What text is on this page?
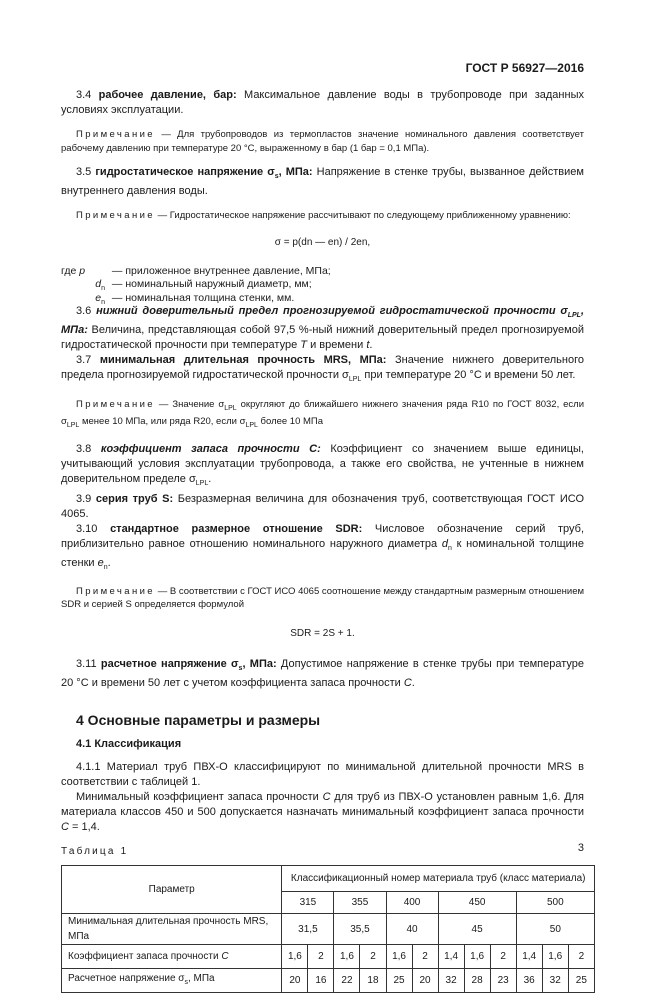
ГОСТ Р 56927—2016

3.4 рабочее давление, бар: Максимальное давление воды в трубопроводе при заданных условиях эксплуатации.

Примечание — Для трубопроводов из термопластов значение номинального давления соответствует рабочему давлению при температуре 20 °С, выраженному в бар (1 бар = 0,1 МПа).

3.5 гидростатическое напряжение $\sigma_s$, МПа: Напряжение в стенке трубы, вызванное действием внутреннего давления воды.

Примечание — Гидростатическое напряжение рассчитывают по следующему приближенному уравнению:

σ = p(dn — en) / 2en,
где p	— приложенное внутреннее давление, МПа;
$d_n$ — номинальный наружный диаметр, мм;
$e_n$ — номинальная толщина стенки, мм.

3.6 нижний доверительный предел прогнозируемой гидростатической прочности $\sigma_{LPL}$, МПа: Величина, представляющая собой 97,5 %-ный нижний доверительный предел прогнозируемой гидростатической прочности при температуре T и времени t.

3.7 минимальная длительная прочность MRS, МПа: Значение нижнего доверительного предела прогнозируемой гидростатической прочности $\sigma_{LPL}$ при температуре 20 °С и времени 50 лет.

Примечание — Значение $\sigma_{LPL}$ округляют до ближайшего нижнего значения ряда R10 по ГОСТ 8032, если $\sigma_{LPL}$ менее 10 МПа, или ряда R20, если $\sigma_{LPL}$ более 10 МПа

3.8 коэффициент запаса прочности C: Коэффициент со значением выше единицы, учитывающий условия эксплуатации трубопровода, а также его свойства, не учтенные в нижнем доверительном пределе $\sigma_{LPL}$.

3.9 серия труб S: Безразмерная величина для обозначения труб, соответствующая ГОСТ ИСО 4065.

3.10 стандартное размерное отношение SDR: Числовое обозначение серий труб, приблизительно равное отношению номинального наружного диаметра $d_n$ к номинальной толщине стенки $e_n$.

Примечание — В соответствии с ГОСТ ИСО 4065 соотношение между стандартным размерным отношением SDR и серией S определяется формулой

SDR = 2S + 1.

3.11 расчетное напряжение $\sigma_s$, МПа: Допустимое напряжение в стенке трубы при температуре 20 °С и времени 50 лет с учетом коэффициента запаса прочности C.

4 Основные параметры и размеры
4.1 Классификация

4.1.1 Материал труб ПВХ-О классифицируют по минимальной длительной прочности MRS в соответствии с таблицей 1.

Минимальный коэффициент запаса прочности C для труб из ПВХ-О установлен равным 1,6. Для материала классов 450 и 500 допускается назначать минимальный коэффициент запаса прочности C = 1,4.

Таблица 1
Параметр	Классификационный номер материала труб (класс материала)											
	315		355		400		450			500		
Минимальная длительная прочность MRS, МПа	31,5		35,5		40		45			50		
Коэффициент запаса прочности C	1,6	2	1,6	2	1,6	2	1,4	1,6	2	1,4	1,6	2
Расчетное напряжение $\sigma_s$, МПа	20	16	22	18	25	20	32	28	23	36	32	25
3
